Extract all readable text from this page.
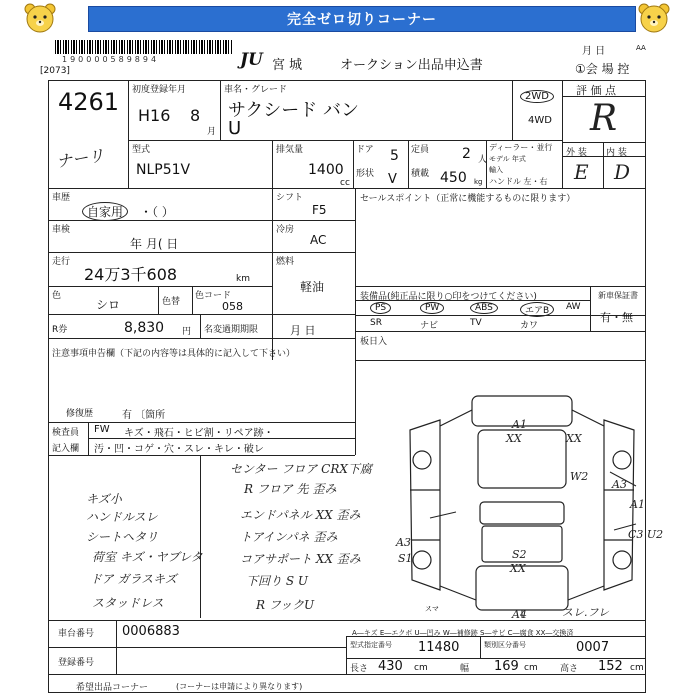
完全ゼロ切りコーナー
190000589894
[2073]
JU 宮 城	オークション出品申込書
月 日	AA
①会 場 控
4261
ナーリ
初度登録年月
H16 8
月
車名・グレード
サクシード バン
U
2WD
4WD
評 価 点
R
外 装 内 装
E D
型式
NLP51V
排気量
1400
cc
ドア 5
形状 V
定員 2 人
積載 450 kg
ディーラー・並行
モデル 年式
輸入
ハンドル 左・右
車歴
自家用	・（ ）
シフト
F5
車検
年 月( 日
冷房
AC
走行
24万3千608	km
燃料
軽油
色
シロ	色替
色コード
058
R券	8,830 円 名変過期期限	月 日
セールスポイント（正常に機能するものに限ります）
装備品(純正品に限り○印をつけてください)	新車保証書
有・無
PS	PW	ABS	エアB	AW
SR	ナビ	TV	カワ
板日入
注意事項申告欄（下記の内容等は具体的に記入して下さい）
修復歴	有 〔箇所
検査員 FW キズ・飛石・ヒビ割・リペア跡・
記入欄 汚・凹・コゲ・穴・スレ・キレ・破レ
センター フロア CRX下腐
キズ小
R フロア 先 歪み
ハンドルスレ	エンドパネル XX 歪み
シートヘタリ	トアインパネ 歪み
荷室 キズ・ヤブレタ	コアサポート XX 歪み
ドア ガラスキズ	下回り S U
スタッドレス	R フックU
A1
XX	XX
W2
A3
A1
C3 U2
A3
S1	S2
XX
A4	スレ.フレ
スマ
A―キズ E―エクボ U―凹み W―補修跡 S―サビ C―腐食 XX―交換済
車台番号 0006883
登録番号
型式指定番号 11480	類別区分番号	0007
長さ 430 cm	幅 169 cm 高さ 152 cm
希望出品コーナー	(コーナーは申請により異なります)
